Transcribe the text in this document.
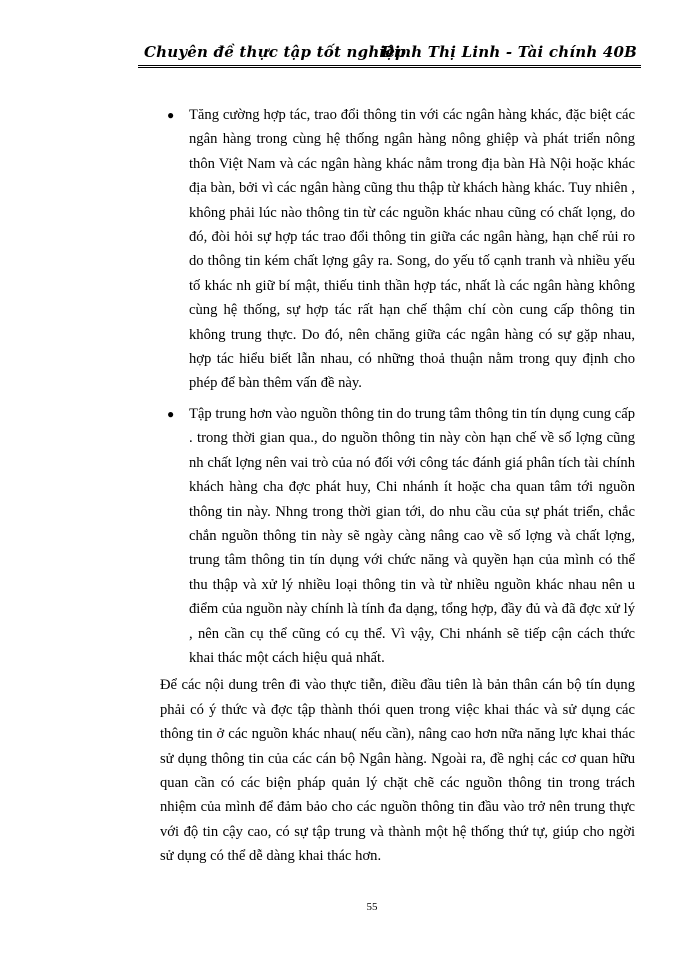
Chuyên đề thực tập tốt nghiệp
Đinh Thị Linh - Tài chính 40B
● Tăng cường hợp tác, trao đổi thông tin với các ngân hàng khác, đặc biệt các ngân hàng trong cùng hệ thống ngân hàng nông ghiệp và phát triển nông thôn Việt Nam và các ngân hàng khác nằm trong địa bàn Hà Nội hoặc khác địa bàn, bởi vì các ngân hàng cũng thu thập từ khách hàng khác. Tuy nhiên , không phải lúc nào thông tin từ các nguồn khác nhau cũng có chất lọng, do đó, đòi hỏi sự hợp tác trao đổi thông tin giữa các ngân hàng, hạn chế rủi ro do thông tin kém chất lợng gây ra. Song, do yếu tố cạnh tranh và nhiều yếu tố khác nh giữ bí mật, thiếu tinh thần hợp tác, nhất là các ngân hàng không cùng hệ thống, sự hợp tác rất hạn chế thậm chí còn cung cấp thông tin không trung thực. Do đó, nên chăng giữa các ngân hàng có sự gặp nhau, hợp tác hiểu biết lẫn nhau, có những thoả thuận nằm trong quy định cho phép để bàn thêm vấn đề này.
● Tập trung hơn vào nguồn thông tin do trung tâm thông tin tín dụng cung cấp . trong thời gian qua., do nguồn thông tin này còn hạn chế về số lợng cũng nh chất lợng nên vai trò của nó đối với công tác đánh giá phân tích tài chính khách hàng cha đợc phát huy, Chi nhánh ít hoặc cha quan tâm tới nguồn thông tin này. Nhng trong thời gian tới, do nhu cầu của sự phát triển, chắc chắn nguồn thông tin này sẽ ngày càng nâng cao về số lợng và chất lợng, trung tâm thông tin tín dụng với chức năng và quyền hạn của mình có thể thu thập và xử lý nhiều loại thông tin và từ nhiều nguồn khác nhau nên u điểm của nguồn này chính là tính đa dạng, tổng hợp, đầy đủ và đã đợc xử lý , nên cần cụ thể cũng có cụ thể. Vì vậy, Chi nhánh sẽ tiếp cận cách thức khai thác một cách hiệu quả nhất.

Để các nội dung trên đi vào thực tiễn, điều đầu tiên là bản thân cán bộ tín dụng phải có ý thức và đợc tập thành thói quen trong việc khai thác và sử dụng các thông tin ở các nguồn khác nhau( nếu cần), nâng cao hơn nữa năng lực khai thác sử dụng thông tin của các cán bộ Ngân hàng. Ngoài ra, đề nghị các cơ quan hữu quan cần có các biện pháp quản lý chặt chẽ các nguồn thông tin trong trách nhiệm của mình để đảm bảo cho các nguồn thông tin đầu vào trở nên trung thực với độ tin cậy cao, có sự tập trung và thành một hệ thống thứ tự, giúp cho ngời sử dụng có thể dễ dàng khai thác hơn.

55
